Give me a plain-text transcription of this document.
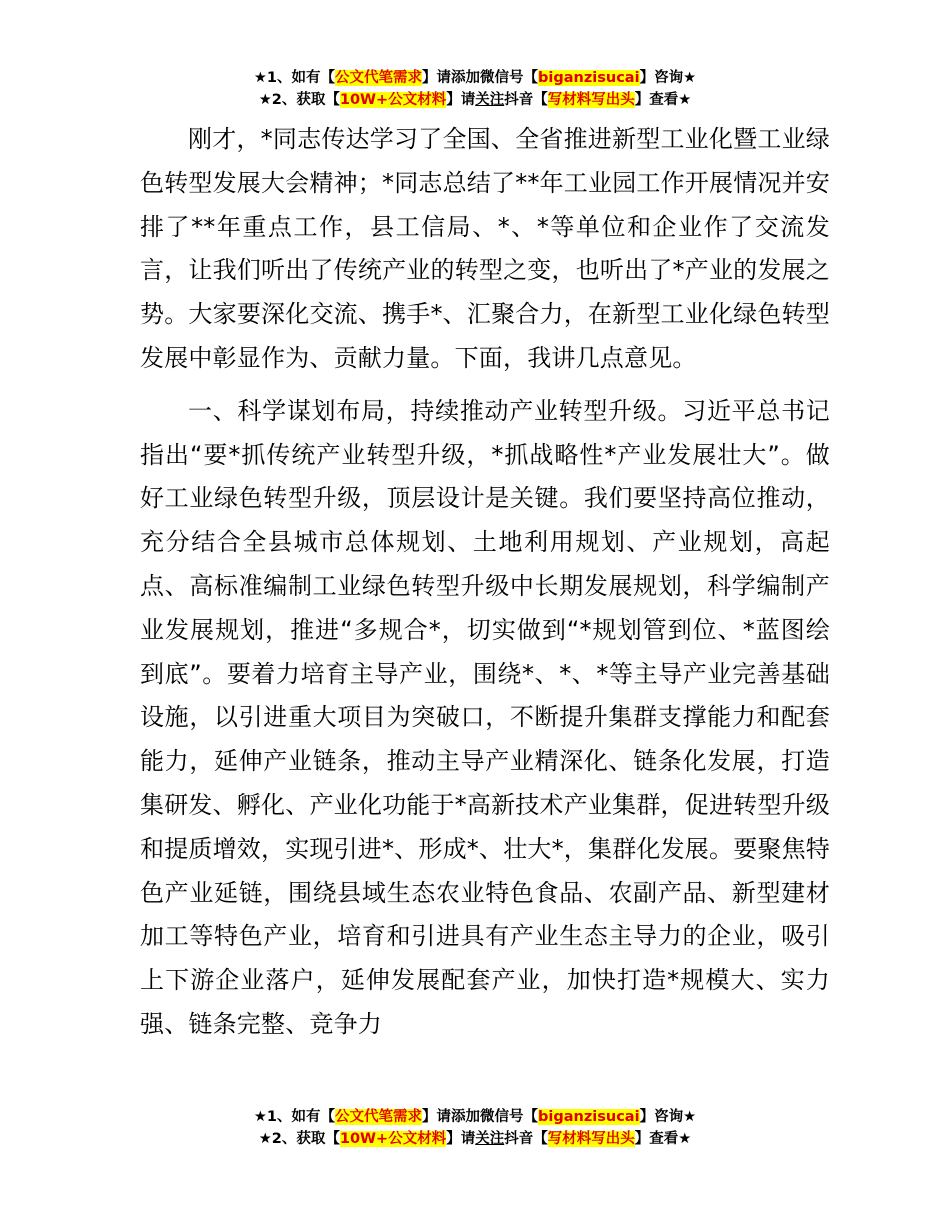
★1、如有【公文代笔需求】请添加微信号【biganzisucai】咨询★
★2、获取【10W+公文材料】请关注抖音【写材料写出头】查看★

刚才，*同志传达学习了全国、全省推进新型工业化暨工业绿色转型发展大会精神；*同志总结了**年工业园工作开展情况并安排了**年重点工作，县工信局、*、*等单位和企业作了交流发言，让我们听出了传统产业的转型之变，也听出了*产业的发展之势。大家要深化交流、携手*、汇聚合力，在新型工业化绿色转型发展中彰显作为、贡献力量。下面，我讲几点意见。

一、科学谋划布局，持续推动产业转型升级。习近平总书记指出“要*抓传统产业转型升级，*抓战略性*产业发展壮大”。做好工业绿色转型升级，顶层设计是关键。我们要坚持高位推动，充分结合全县城市总体规划、土地利用规划、产业规划，高起点、高标准编制工业绿色转型升级中长期发展规划，科学编制产业发展规划，推进“多规合*，切实做到“*规划管到位、*蓝图绘到底”。要着力培育主导产业，围绕*、*、*等主导产业完善基础设施，以引进重大项目为突破口，不断提升集群支撑能力和配套能力，延伸产业链条，推动主导产业精深化、链条化发展，打造集研发、孵化、产业化功能于*高新技术产业集群，促进转型升级和提质增效，实现引进*、形成*、壮大*，集群化发展。要聚焦特色产业延链，围绕县域生态农业特色食品、农副产品、新型建材加工等特色产业，培育和引进具有产业生态主导力的企业，吸引上下游企业落户，延伸发展配套产业，加快打造*规模大、实力强、链条完整、竞争力

★1、如有【公文代笔需求】请添加微信号【biganzisucai】咨询★
★2、获取【10W+公文材料】请关注抖音【写材料写出头】查看★
